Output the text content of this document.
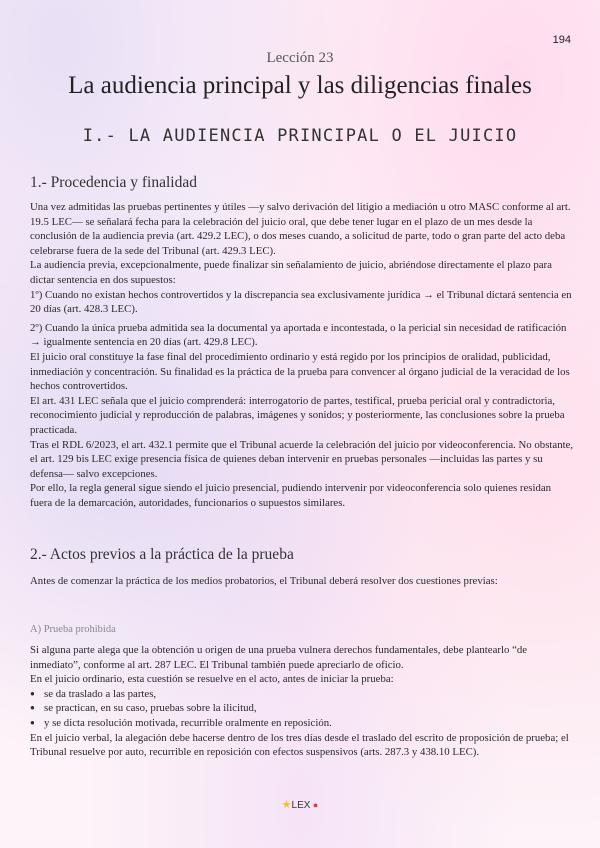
194
Lección 23
La audiencia principal y las diligencias finales
I.- LA AUDIENCIA PRINCIPAL O EL JUICIO
1.- Procedencia y finalidad

Una vez admitidas las pruebas pertinentes y útiles —y salvo derivación del litigio a mediación u otro MASC conforme al art. 19.5 LEC— se señalará fecha para la celebración del juicio oral, que debe tener lugar en el plazo de un mes desde la conclusión de la audiencia previa (art. 429.2 LEC), o dos meses cuando, a solicitud de parte, todo o gran parte del acto deba celebrarse fuera de la sede del Tribunal (art. 429.3 LEC).

La audiencia previa, excepcionalmente, puede finalizar sin señalamiento de juicio, abriéndose directamente el plazo para dictar sentencia en dos supuestos:

1º) Cuando no existan hechos controvertidos y la discrepancia sea exclusivamente jurídica → el Tribunal dictará sentencia en 20 días (art. 428.3 LEC).

2º) Cuando la única prueba admitida sea la documental ya aportada e incontestada, o la pericial sin necesidad de ratificación → igualmente sentencia en 20 días (art. 429.8 LEC).

El juicio oral constituye la fase final del procedimiento ordinario y está regido por los principios de oralidad, publicidad, inmediación y concentración. Su finalidad es la práctica de la prueba para convencer al órgano judicial de la veracidad de los hechos controvertidos.

El art. 431 LEC señala que el juicio comprenderá: interrogatorio de partes, testifical, prueba pericial oral y contradictoria, reconocimiento judicial y reproducción de palabras, imágenes y sonidos; y posteriormente, las conclusiones sobre la prueba practicada.

Tras el RDL 6/2023, el art. 432.1 permite que el Tribunal acuerde la celebración del juicio por videoconferencia. No obstante, el art. 129 bis LEC exige presencia física de quienes deban intervenir en pruebas personales —incluidas las partes y su defensa— salvo excepciones.

Por ello, la regla general sigue siendo el juicio presencial, pudiendo intervenir por videoconferencia solo quienes residan fuera de la demarcación, autoridades, funcionarios o supuestos similares.

2.- Actos previos a la práctica de la prueba

Antes de comenzar la práctica de los medios probatorios, el Tribunal deberá resolver dos cuestiones previas:

A) Prueba prohibida

Si alguna parte alega que la obtención u origen de una prueba vulnera derechos fundamentales, debe plantearlo “de inmediato”, conforme al art. 287 LEC. El Tribunal también puede apreciarlo de oficio.

En el juicio ordinario, esta cuestión se resuelve en el acto, antes de iniciar la prueba:

● se da traslado a las partes,
● se practican, en su caso, pruebas sobre la ilicitud,
● y se dicta resolución motivada, recurrible oralmente en reposición.

En el juicio verbal, la alegación debe hacerse dentro de los tres días desde el traslado del escrito de proposición de prueba; el Tribunal resuelve por auto, recurrible en reposición con efectos suspensivos (arts. 287.3 y 438.10 LEC).

★LEX ●
